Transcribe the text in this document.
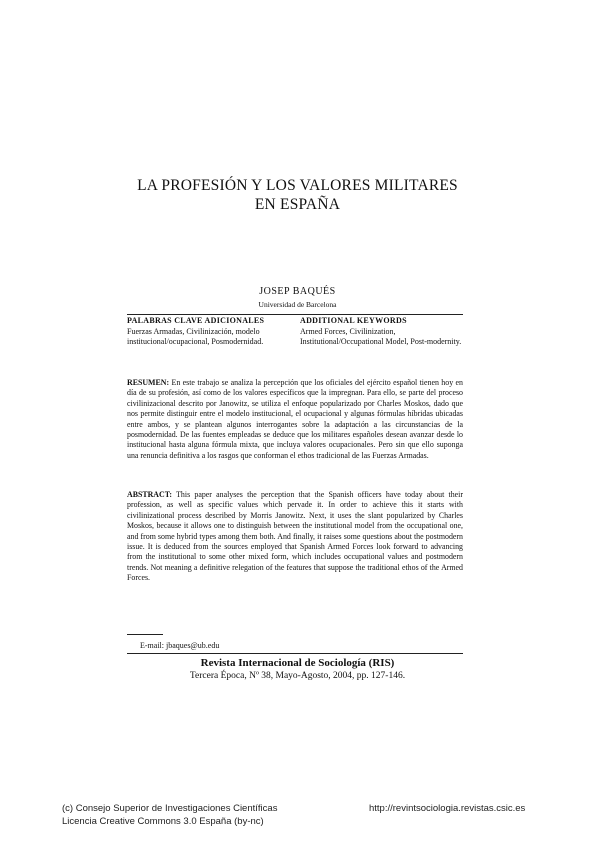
LA PROFESIÓN Y LOS VALORES MILITARES
EN ESPAÑA
JOSEP BAQUÉS
Universidad de Barcelona
PALABRAS CLAVE ADICIONALES
Fuerzas Armadas, Civilinización, modelo institucional/ocupacional, Posmodernidad.
ADDITIONAL KEYWORDS
Armed Forces, Civilinization, Institutional/Occupational Model, Post-modernity.
RESUMEN: En este trabajo se analiza la percepción que los oficiales del ejército español tienen hoy en día de su profesión, así como de los valores específicos que la impregnan. Para ello, se parte del proceso civilinizacional descrito por Janowitz, se utiliza el enfoque popularizado por Charles Moskos, dado que nos permite distinguir entre el modelo institucional, el ocupacional y algunas fórmulas híbridas ubicadas entre ambos, y se plantean algunos interrogantes sobre la adaptación a las circunstancias de la posmodernidad. De las fuentes empleadas se deduce que los militares españoles desean avanzar desde lo institucional hasta alguna fórmula mixta, que incluya valores ocupacionales. Pero sin que ello suponga una renuncia definitiva a los rasgos que conforman el ethos tradicional de las Fuerzas Armadas.
ABSTRACT: This paper analyses the perception that the Spanish officers have today about their profession, as well as specific values which pervade it. In order to achieve this it starts with civilinizational process described by Morris Janowitz. Next, it uses the slant popularized by Charles Moskos, because it allows one to distinguish between the institutional model from the occupational one, and from some hybrid types among them both. And finally, it raises some questions about the postmodern issue. It is deduced from the sources employed that Spanish Armed Forces look forward to advancing from the institutional to some other mixed form, which includes occupational values and postmodern trends. Not meaning a definitive relegation of the features that suppose the traditional ethos of the Armed Forces.
E-mail: jbaques@ub.edu
Revista Internacional de Sociología (RIS)
Tercera Época, Nº 38, Mayo-Agosto, 2004, pp. 127-146.
(c) Consejo Superior de Investigaciones Científicas
Licencia Creative Commons 3.0 España (by-nc)
http://revintsociologia.revistas.csic.es
